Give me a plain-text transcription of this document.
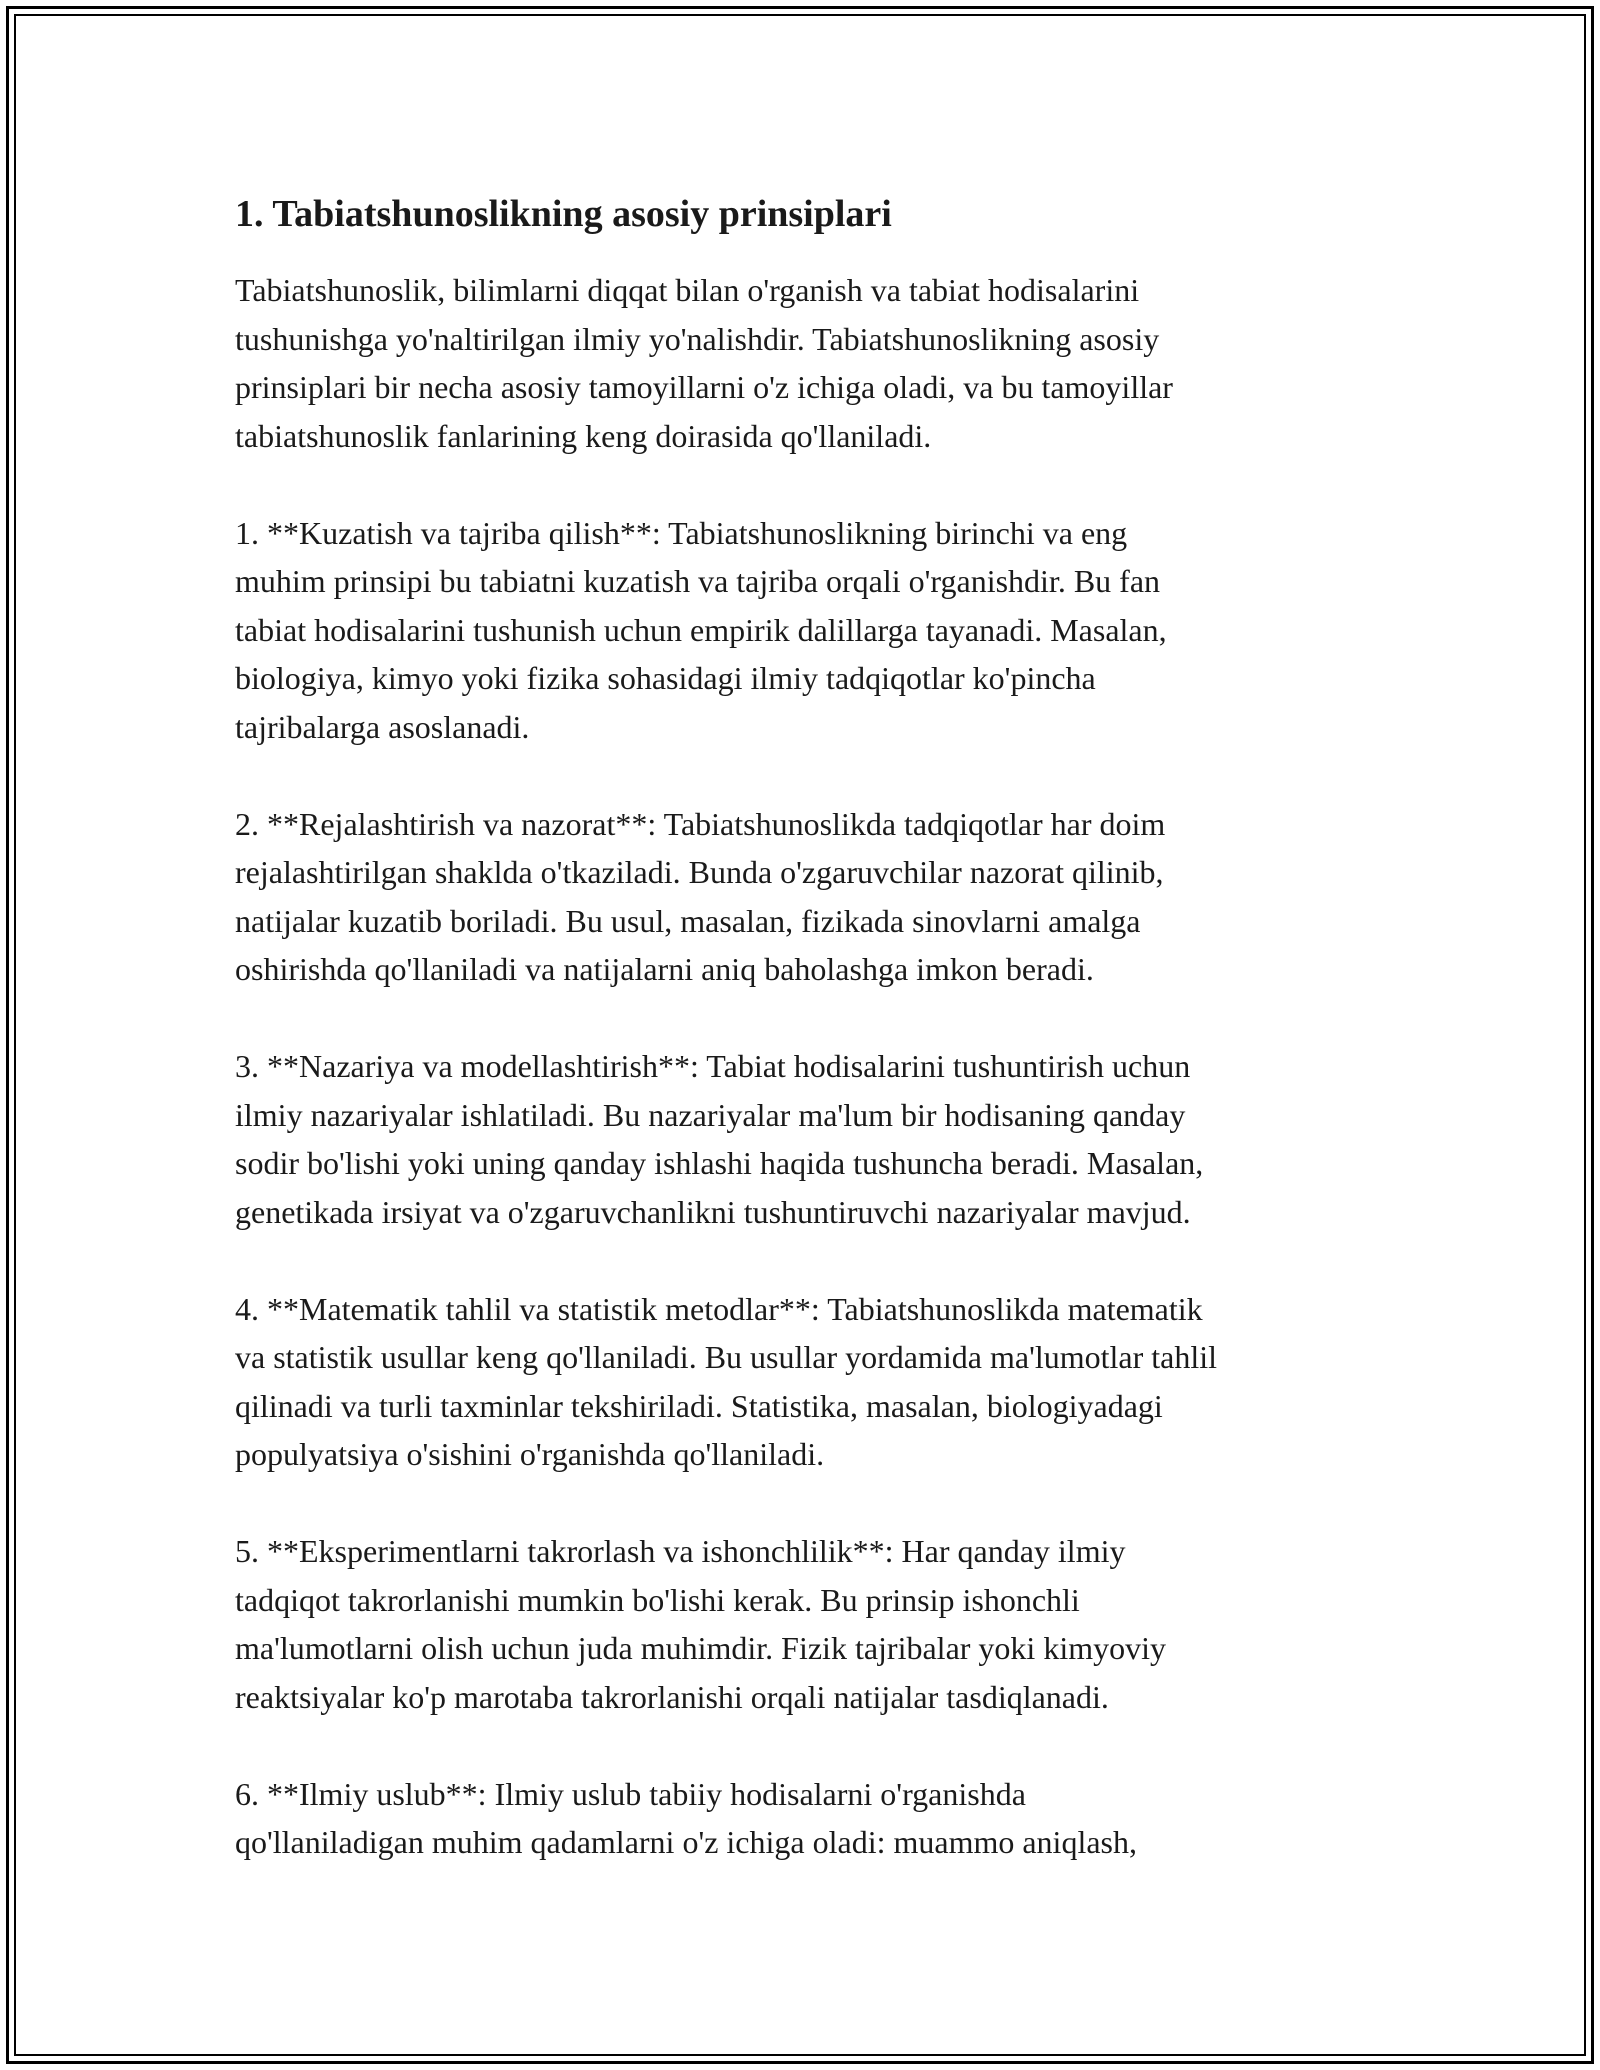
1. Tabiatshunoslikning asosiy prinsiplari

Tabiatshunoslik, bilimlarni diqqat bilan o'rganish va tabiat hodisalarini
tushunishga yo'naltirilgan ilmiy yo'nalishdir. Tabiatshunoslikning asosiy
prinsiplari bir necha asosiy tamoyillarni o'z ichiga oladi, va bu tamoyillar
tabiatshunoslik fanlarining keng doirasida qo'llaniladi.

1. **Kuzatish va tajriba qilish**: Tabiatshunoslikning birinchi va eng
muhim prinsipi bu tabiatni kuzatish va tajriba orqali o'rganishdir. Bu fan
tabiat hodisalarini tushunish uchun empirik dalillarga tayanadi. Masalan,
biologiya, kimyo yoki fizika sohasidagi ilmiy tadqiqotlar ko'pincha
tajribalarga asoslanadi.

2. **Rejalashtirish va nazorat**: Tabiatshunoslikda tadqiqotlar har doim
rejalashtirilgan shaklda o'tkaziladi. Bunda o'zgaruvchilar nazorat qilinib,
natijalar kuzatib boriladi. Bu usul, masalan, fizikada sinovlarni amalga
oshirishda qo'llaniladi va natijalarni aniq baholashga imkon beradi.

3. **Nazariya va modellashtirish**: Tabiat hodisalarini tushuntirish uchun
ilmiy nazariyalar ishlatiladi. Bu nazariyalar ma'lum bir hodisaning qanday
sodir bo'lishi yoki uning qanday ishlashi haqida tushuncha beradi. Masalan,
genetikada irsiyat va o'zgaruvchanlikni tushuntiruvchi nazariyalar mavjud.

4. **Matematik tahlil va statistik metodlar**: Tabiatshunoslikda matematik
va statistik usullar keng qo'llaniladi. Bu usullar yordamida ma'lumotlar tahlil
qilinadi va turli taxminlar tekshiriladi. Statistika, masalan, biologiyadagi
populyatsiya o'sishini o'rganishda qo'llaniladi.

5. **Eksperimentlarni takrorlash va ishonchlilik**: Har qanday ilmiy
tadqiqot takrorlanishi mumkin bo'lishi kerak. Bu prinsip ishonchli
ma'lumotlarni olish uchun juda muhimdir. Fizik tajribalar yoki kimyoviy
reaktsiyalar ko'p marotaba takrorlanishi orqali natijalar tasdiqlanadi.

6. **Ilmiy uslub**: Ilmiy uslub tabiiy hodisalarni o'rganishda
qo'llaniladigan muhim qadamlarni o'z ichiga oladi: muammo aniqlash,
